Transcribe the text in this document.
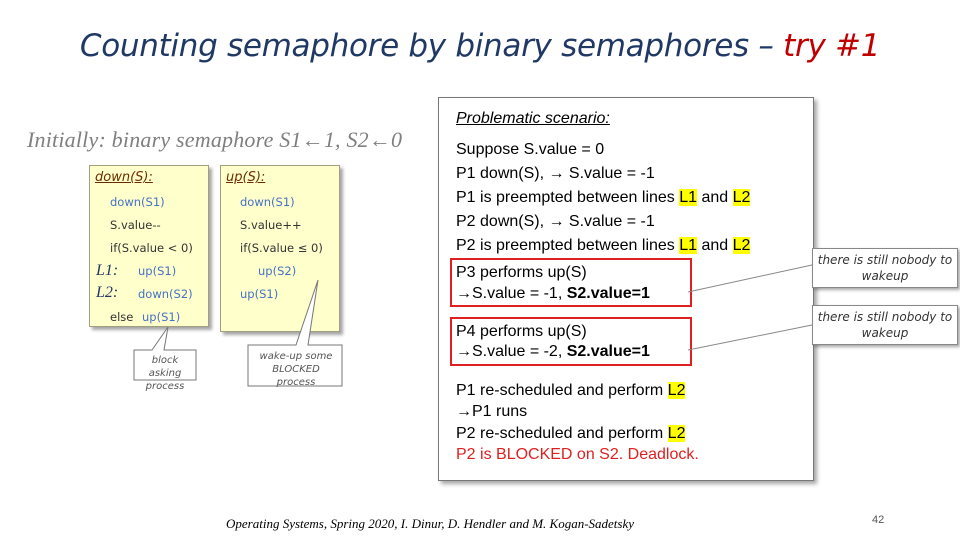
Counting semaphore by binary semaphores – try #1
Initially: binary semaphore S1←1, S2←0
down(S):
down(S1)
S.value--
if(S.value < 0)
L1: up(S1)
L2: down(S2)
else up(S1)
up(S):
down(S1)
S.value++
if(S.value ≤ 0)
up(S2)
up(S1)
block asking process
wake-up some BLOCKED process
Problematic scenario:
Suppose S.value = 0
P1 down(S), → S.value = -1
P1 is preempted between lines L1 and L2
P2 down(S), → S.value = -1
P2 is preempted between lines L1 and L2
P3 performs up(S)
→S.value = -1, S2.value=1
P4 performs up(S)
→S.value = -2, S2.value=1
P1 re-scheduled and perform L2
→P1 runs
P2 re-scheduled and perform L2
P2 is BLOCKED on S2. Deadlock.
there is still nobody to wakeup
there is still nobody to wakeup
Operating Systems, Spring 2020, I. Dinur, D. Hendler and M. Kogan-Sadetsky	42
